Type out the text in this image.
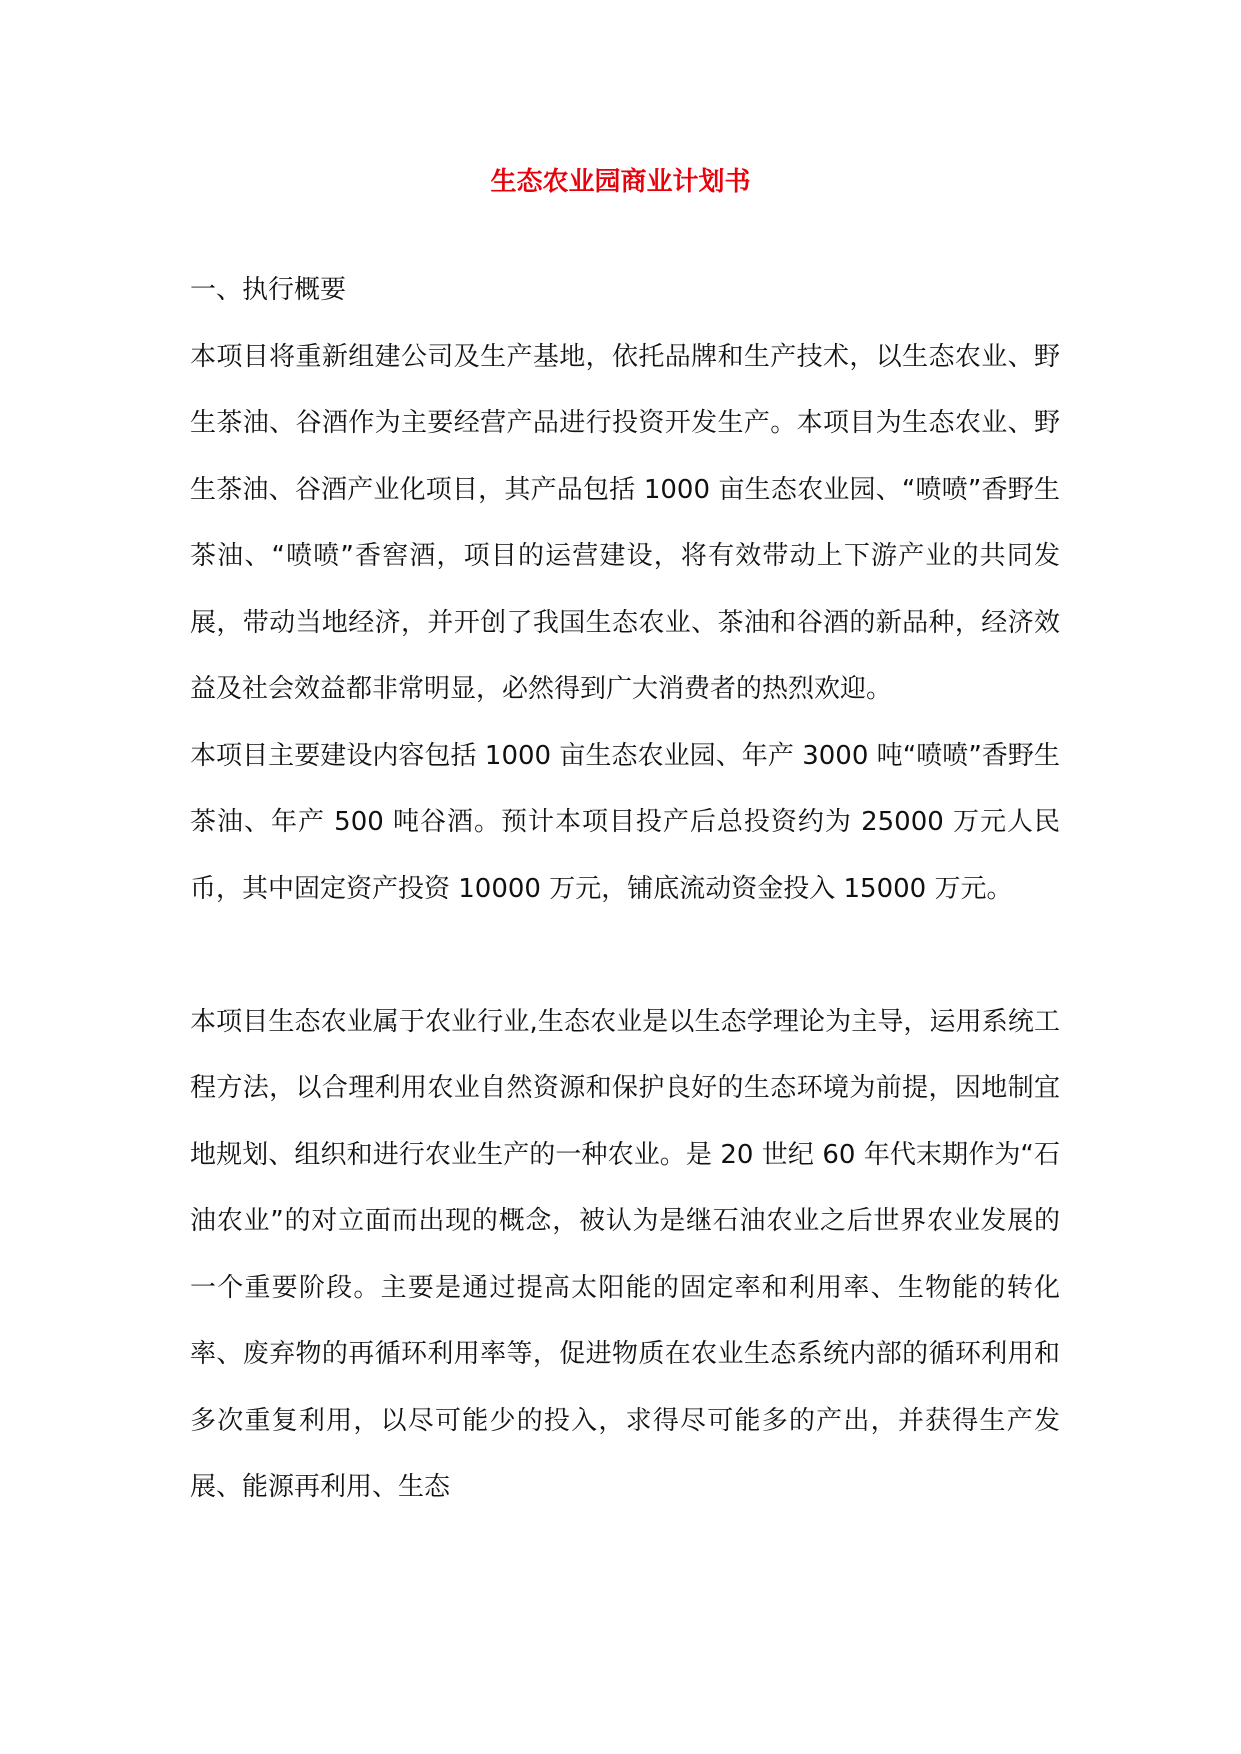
生态农业园商业计划书

一、执行概要

本项目将重新组建公司及生产基地，依托品牌和生产技术，以生态农业、野生茶油、谷酒作为主要经营产品进行投资开发生产。本项目为生态农业、野生茶油、谷酒产业化项目，其产品包括 1000 亩生态农业园、“喷喷”香野生茶油、“喷喷”香窖酒，项目的运营建设，将有效带动上下游产业的共同发展，带动当地经济，并开创了我国生态农业、茶油和谷酒的新品种，经济效益及社会效益都非常明显，必然得到广大消费者的热烈欢迎。

本项目主要建设内容包括 1000 亩生态农业园、年产 3000 吨“喷喷”香野生茶油、年产 500 吨谷酒。预计本项目投产后总投资约为 25000 万元人民币，其中固定资产投资 10000 万元，铺底流动资金投入 15000 万元。

本项目生态农业属于农业行业,生态农业是以生态学理论为主导，运用系统工程方法，以合理利用农业自然资源和保护良好的生态环境为前提，因地制宜地规划、组织和进行农业生产的一种农业。是 20 世纪 60 年代末期作为“石油农业”的对立面而出现的概念，被认为是继石油农业之后世界农业发展的一个重要阶段。主要是通过提高太阳能的固定率和利用率、生物能的转化率、废弃物的再循环利用率等，促进物质在农业生态系统内部的循环利用和多次重复利用，以尽可能少的投入，求得尽可能多的产出，并获得生产发展、能源再利用、生态
